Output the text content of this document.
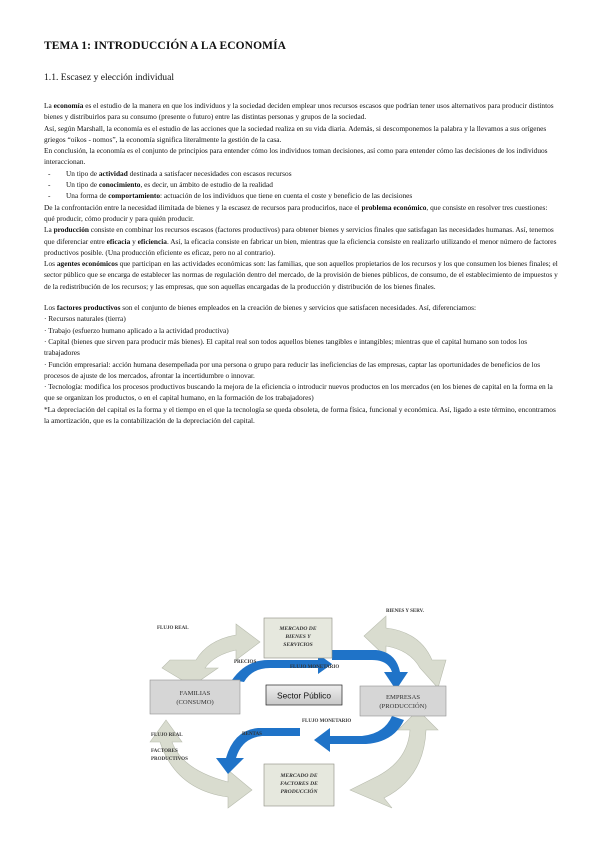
TEMA 1: INTRODUCCIÓN A LA ECONOMÍA
1.1. Escasez y elección individual

La economía es el estudio de la manera en que los individuos y la sociedad deciden emplear unos recursos escasos que podrían tener usos alternativos para producir distintos bienes y distribuirlos para su consumo (presente o futuro) entre las distintas personas y grupos de la sociedad.

Así, según Marshall, la economía es el estudio de las acciones que la sociedad realiza en su vida diaria. Además, si descomponemos la palabra y la llevamos a sus orígenes griegos “oikos - nomos”, la economía significa literalmente la gestión de la casa.

En conclusión, la economía es el conjunto de principios para entender cómo los individuos toman decisiones, así como para entender cómo las decisiones de los individuos interaccionan.

-	Un tipo de actividad destinada a satisfacer necesidades con escasos recursos
-	Un tipo de conocimiento, es decir, un ámbito de estudio de la realidad
-	Una forma de comportamiento: actuación de los individuos que tiene en cuenta el coste y beneficio de las decisiones

De la confrontación entre la necesidad ilimitada de bienes y la escasez de recursos para producirlos, nace el problema económico, que consiste en resolver tres cuestiones: qué producir, cómo producir y para quién producir.

La producción consiste en combinar los recursos escasos (factores productivos) para obtener bienes y servicios finales que satisfagan las necesidades humanas. Así, tenemos que diferenciar entre eficacia y eficiencia. Así, la eficacia consiste en fabricar un bien, mientras que la eficiencia consiste en realizarlo utilizando el menor número de factores productivos posible. (Una producción eficiente es eficaz, pero no al contrario).

Los agentes económicos que participan en las actividades económicas son: las familias, que son aquellos propietarios de los recursos y los que consumen los bienes finales; el sector público que se encarga de establecer las normas de regulación dentro del mercado, de la provisión de bienes públicos, de consumo, de el establecimiento de impuestos y de la redistribución de los recursos; y las empresas, que son aquellas encargadas de la producción y distribución de los bienes finales.

Los factores productivos son el conjunto de bienes empleados en la creación de bienes y servicios que satisfacen necesidades. Así, diferenciamos:

· Recursos naturales (tierra)
· Trabajo (esfuerzo humano aplicado a la actividad productiva)
· Capital (bienes que sirven para producir más bienes). El capital real son todos aquellos bienes tangibles e intangibles; mientras que el capital humano son todos los trabajadores
· Función empresarial: acción humana desempeñada por una persona o grupo para reducir las ineficiencias de las empresas, captar las oportunidades de beneficios de los procesos de ajuste de los mercados, afrontar la incertidumbre o innovar.
· Tecnología: modifica los procesos productivos buscando la mejora de la eficiencia o introducir nuevos productos en los mercados (en los bienes de capital en la forma en la que se organizan los productos, o en el capital humano, en la formación de los trabajadores)

*La depreciación del capital es la forma y el tiempo en el que la tecnología se queda obsoleta, de forma física, funcional y económica. Así, ligado a este término, encontramos la amortización, que es la contabilización de la depreciación del capital.

MERCADO DE
BIENES Y
SERVICIOS
MERCADO DE
FACTORES DE
PRODUCCIÓN
FAMILIAS
(CONSUMO)
Sector Público	EMPRESAS
(PRODUCCIÓN)
FLUJO REAL
BIENES Y SERV.
PRECIOS
FLUJO MONETARIO
FLUJO REAL
FACTORES
PRODUCTIVOS
RENTAS
FLUJO MONETARIO
